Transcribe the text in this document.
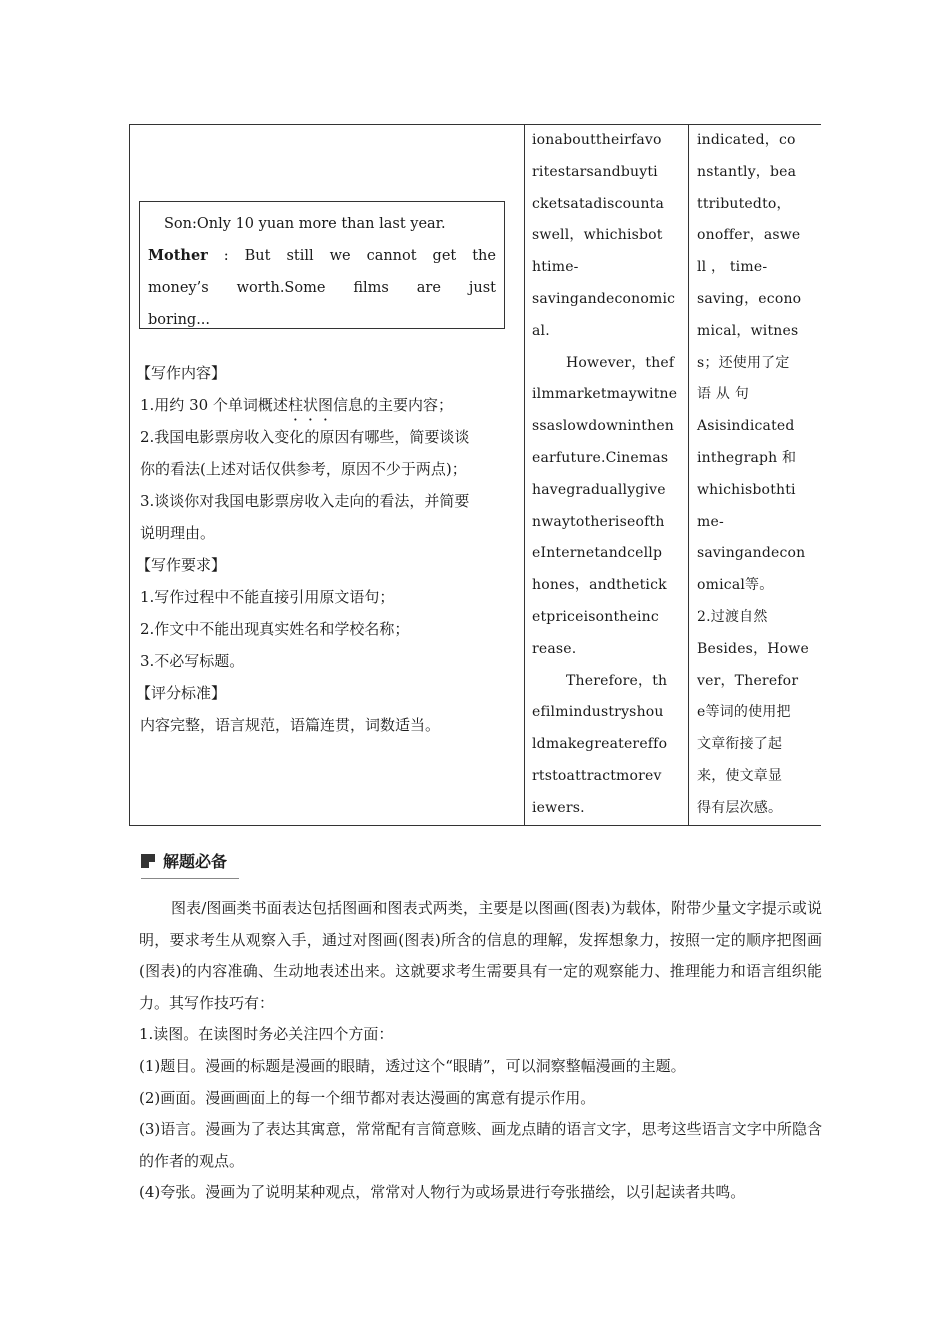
Son :Only 10 yuan more than last year.
Mother : But still we cannot get the
money’s worth.Some films are just
boring...
【写作内容】
1.用约 30 个单词概述柱状图信息的主要内容；
2.我国电影票房收入变化的原因有哪些，简要谈谈
你的看法(上述对话仅供参考，原因不少于两点)；
3.谈谈你对我国电影票房收入走向的看法，并简要
说明理由。
【写作要求】
1.写作过程中不能直接引用原文语句；
2.作文中不能出现真实姓名和学校名称；
3.不必写标题。
【评分标准】
内容完整，语言规范，语篇连贯，词数适当。
ionabouttheirfavo
ritestarsandbuyti
cketsatadiscounta
swell，whichisbot
htime-
savingandeconomic
al.
However，thef
ilmmarketmaywitne
ssaslowdowninthen
earfuture.Cinemas
havegraduallygive
nwaytotheriseofth
eInternetandcellp
hones，andthetick
etpriceisontheinc
rease.
Therefore，th
efilmindustryshou
ldmakegreatereffo
rtstoattractmorev
iewers.
indicated，co
nstantly，bea
ttributedto，
onoffer，aswe
ll ， time-
saving，econo
mical，witnes
s；还使用了定
语 从 句
Asisindicated
inthegraph 和
whichisbothti
me-
savingandecon
omical等。
2.过渡自然
Besides，Howe
ver，Therefor
e等词的使用把
文章衔接了起
来，使文章显
得有层次感。
解题必备

图表/图画类书面表达包括图画和图表式两类，主要是以图画(图表)为载体，附带少量文字提示或说明，要求考生从观察入手，通过对图画(图表)所含的信息的理解，发挥想象力，按照一定的顺序把图画(图表)的内容准确、生动地表述出来。这就要求考生需要具有一定的观察能力、推理能力和语言组织能力。其写作技巧有：

1.读图。在读图时务必关注四个方面：

(1)题目。漫画的标题是漫画的眼睛，透过这个“眼睛”，可以洞察整幅漫画的主题。

(2)画面。漫画画面上的每一个细节都对表达漫画的寓意有提示作用。

(3)语言。漫画为了表达其寓意，常常配有言简意赅、画龙点睛的语言文字，思考这些语言文字中所隐含的作者的观点。

(4)夸张。漫画为了说明某种观点，常常对人物行为或场景进行夸张描绘，以引起读者共鸣。
